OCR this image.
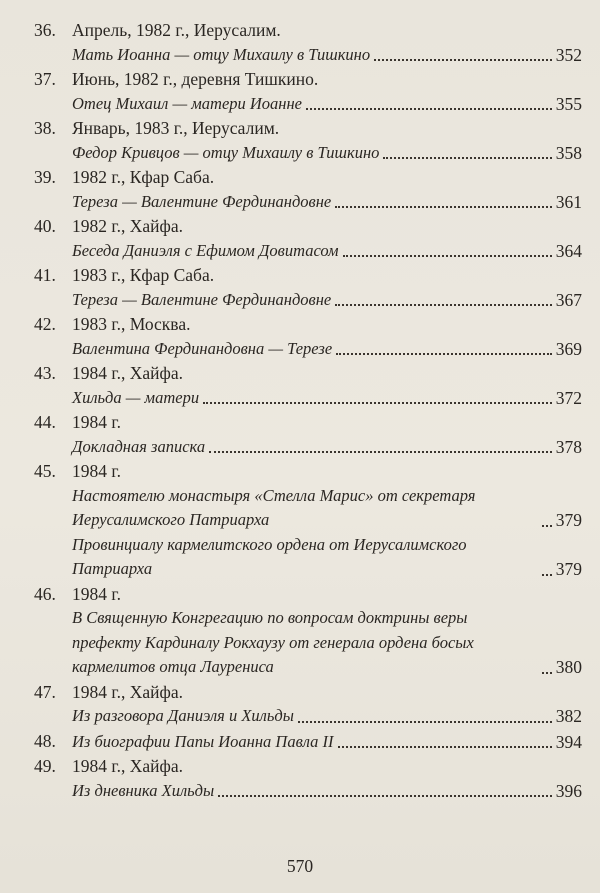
36. Апрель, 1982 г., Иерусалим.
Мать Иоанна — отцу Михаилу в Тишкино	352
37. Июнь, 1982 г., деревня Тишкино.
Отец Михаил — матери Иоанне	355
38. Январь, 1983 г., Иерусалим.
Федор Кривцов — отцу Михаилу в Тишкино	358
39. 1982 г., Кфар Саба.
Тереза — Валентине Фердинандовне	361
40. 1982 г., Хайфа.
Беседа Даниэля с Ефимом Довитасом	364
41. 1983 г., Кфар Саба.
Тереза — Валентине Фердинандовне	367
42. 1983 г., Москва.
Валентина Фердинандовна — Терезе	369
43. 1984 г., Хайфа.
Хильда — матери	372
44. 1984 г.
Докладная записка	378
45. 1984 г.
Настоятелю монастыря «Стелла Марис» от секретаря Иерусалимского Патриарха	379
Провинциалу кармелитского ордена от Иерусалимского Патриарха	379
46. 1984 г.
В Священную Конгрегацию по вопросам доктрины веры префекту Кардиналу Рокхаузу от генерала ордена босых кармелитов отца Лаурениса	380
47. 1984 г., Хайфа.
Из разговора Даниэля и Хильды	382
48. Из биографии Папы Иоанна Павла II	394
49. 1984 г., Хайфа.
Из дневника Хильды	396
570
